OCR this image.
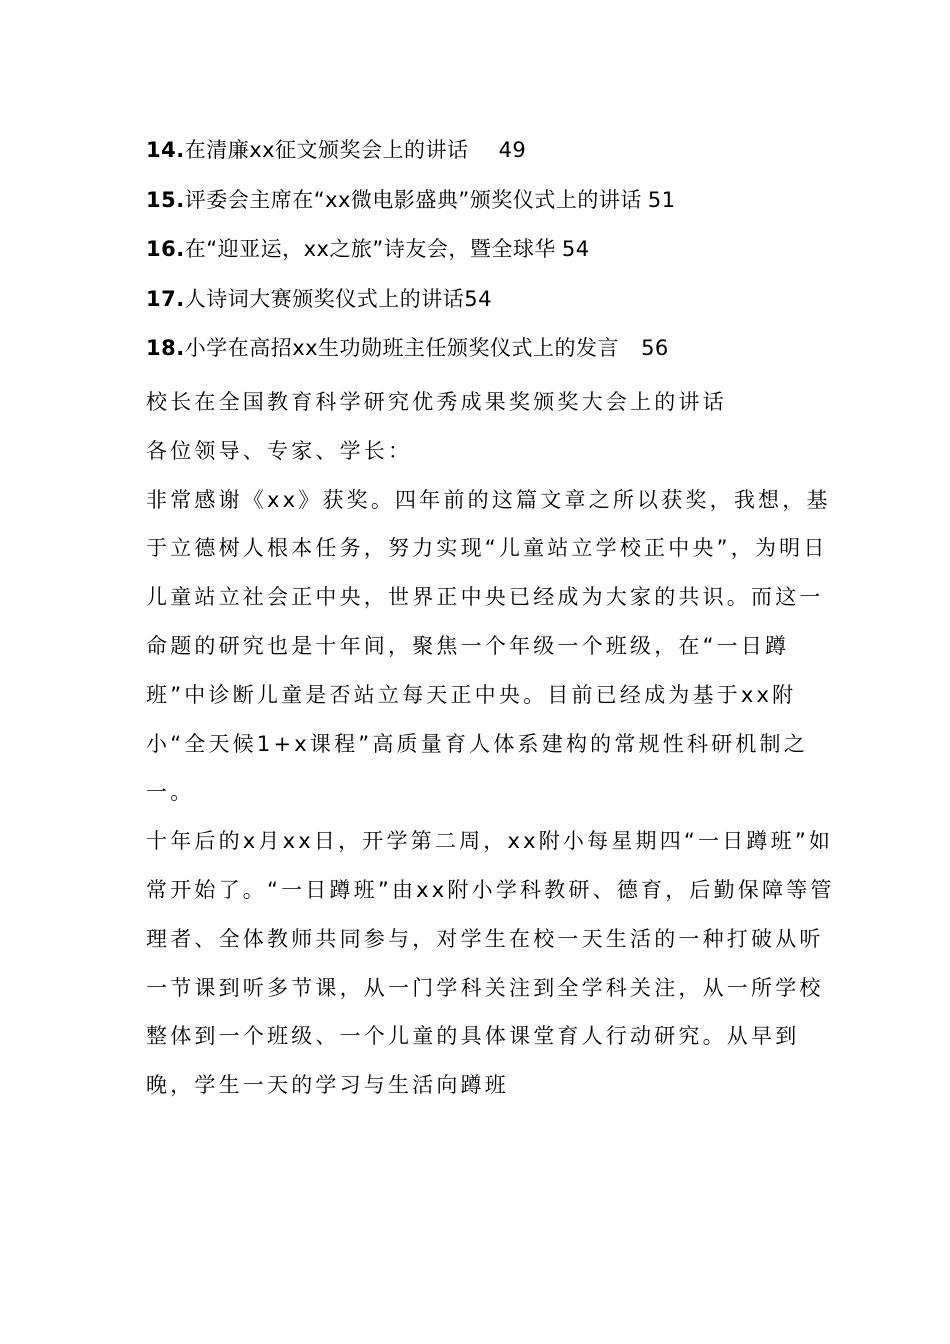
14.在清廉xx征文颁奖会上的讲话 49
15.评委会主席在“xx微电影盛典”颁奖仪式上的讲话 51
16.在“迎亚运，xx之旅”诗友会，暨全球华 54
17.人诗词大赛颁奖仪式上的讲话54
18.小学在高招xx生功勋班主任颁奖仪式上的发言 56

校长在全国教育科学研究优秀成果奖颁奖大会上的讲话

各位领导、专家、学长：

非常感谢《xx》获奖。四年前的这篇文章之所以获奖，我想，基于立德树人根本任务，努力实现“儿童站立学校正中央”，为明日儿童站立社会正中央，世界正中央已经成为大家的共识。而这一命题的研究也是十年间，聚焦一个年级一个班级，在“一日蹲班”中诊断儿童是否站立每天正中央。目前已经成为基于xx附小“全天候1+x课程”高质量育人体系建构的常规性科研机制之一。

十年后的x月xx日，开学第二周，xx附小每星期四“一日蹲班”如常开始了。“一日蹲班”由xx附小学科教研、德育，后勤保障等管理者、全体教师共同参与，对学生在校一天生活的一种打破从听一节课到听多节课，从一门学科关注到全学科关注，从一所学校整体到一个班级、一个儿童的具体课堂育人行动研究。从早到晚，学生一天的学习与生活向蹲班
